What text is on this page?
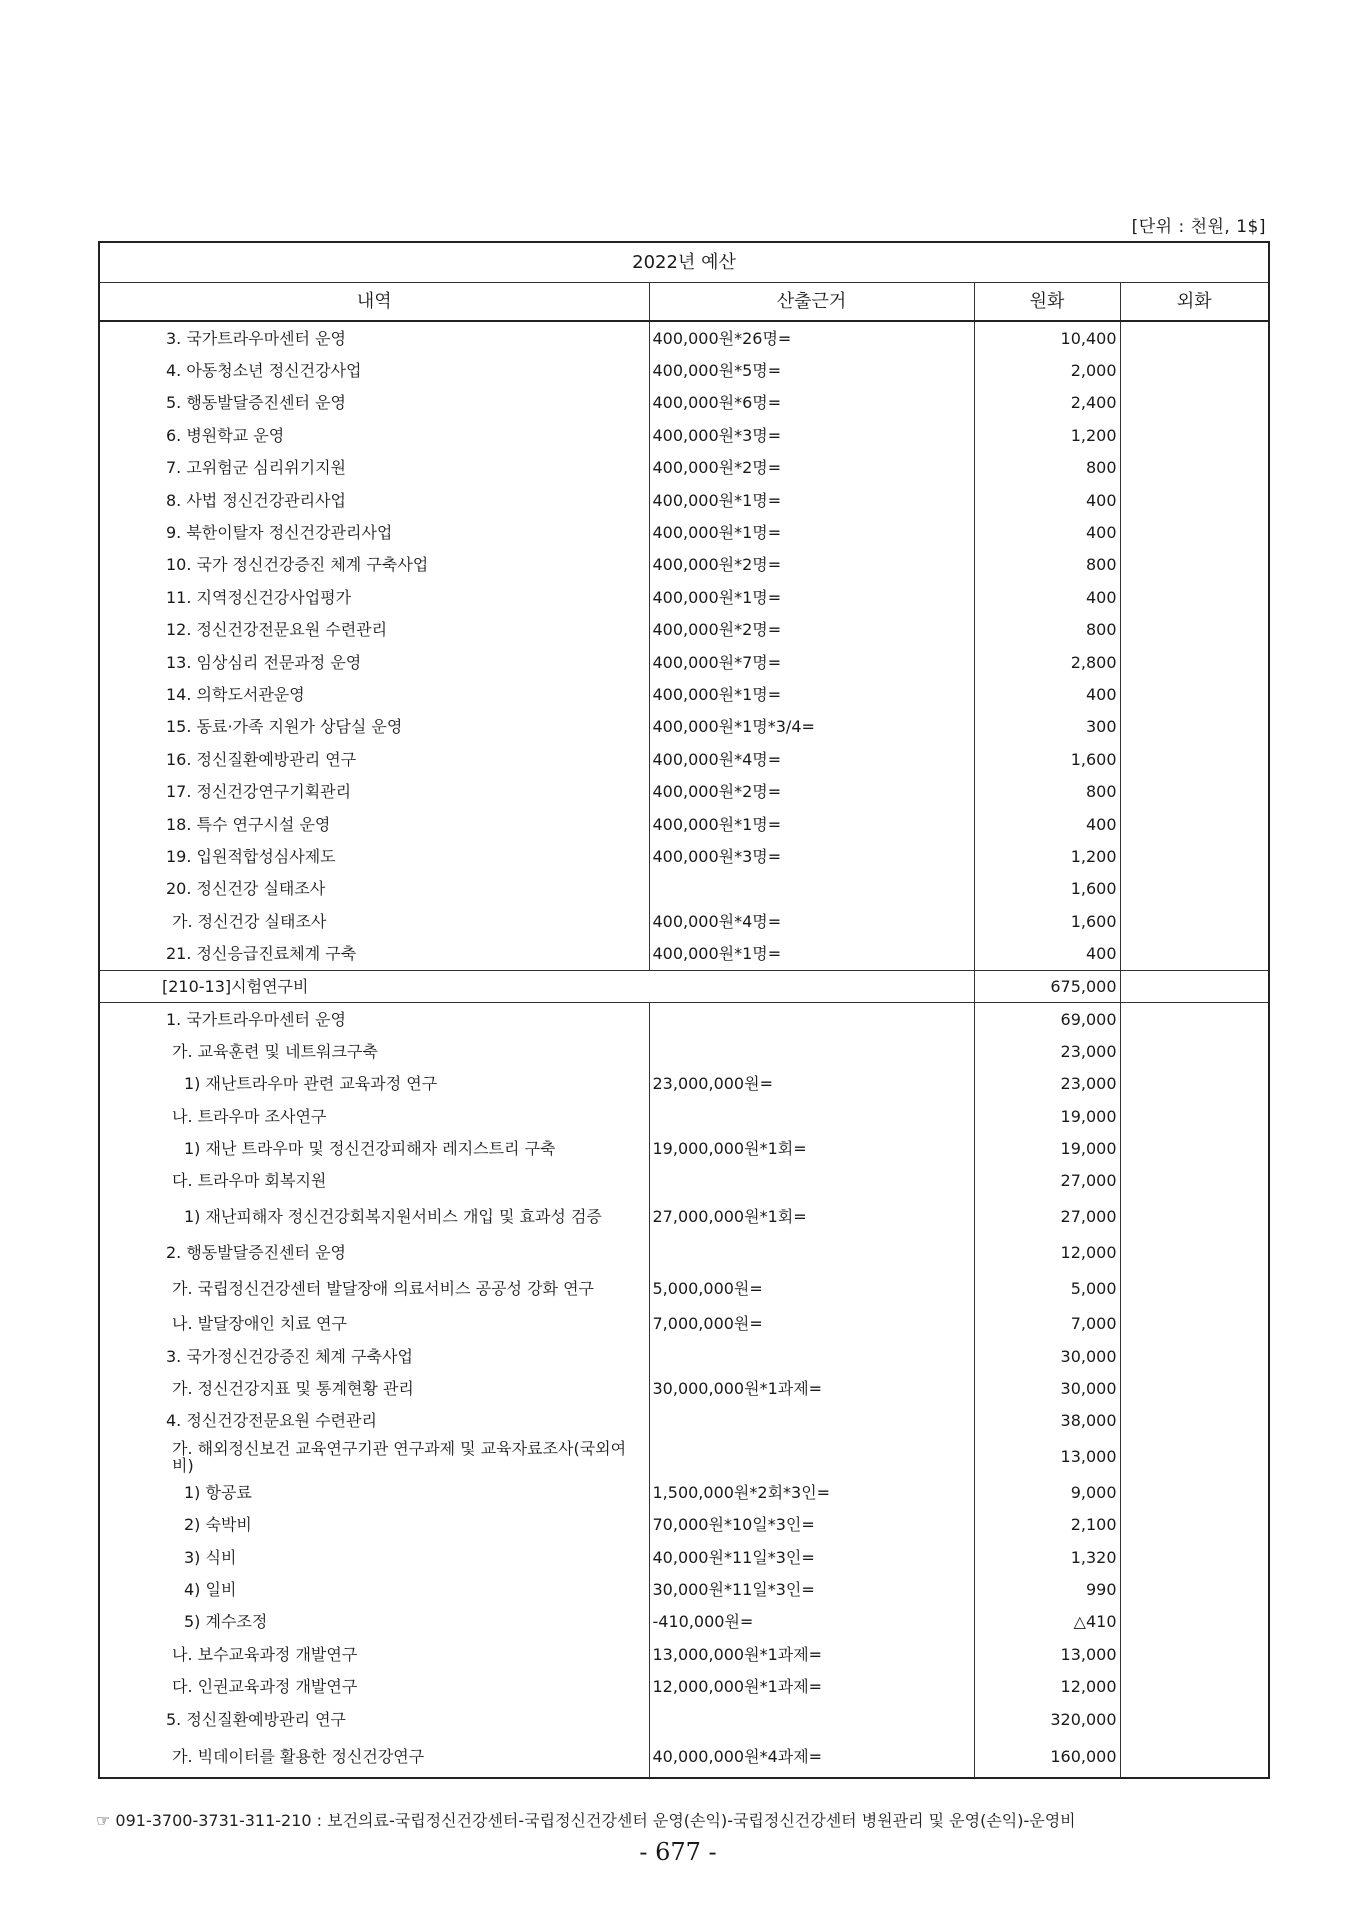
[단위 : 천원, 1$]
2022년 예산			
내역	산출근거	원화	외화
3. 국가트라우마센터 운영	400,000원*26명=	10,400	
4. 아동청소년 정신건강사업	400,000원*5명=	2,000	
5. 행동발달증진센터 운영	400,000원*6명=	2,400	
6. 병원학교 운영	400,000원*3명=	1,200	
7. 고위험군 심리위기지원	400,000원*2명=	800	
8. 사법 정신건강관리사업	400,000원*1명=	400	
9. 북한이탈자 정신건강관리사업	400,000원*1명=	400	
10. 국가 정신건강증진 체계 구축사업	400,000원*2명=	800	
11. 지역정신건강사업평가	400,000원*1명=	400	
12. 정신건강전문요원 수련관리	400,000원*2명=	800	
13. 임상심리 전문과정 운영	400,000원*7명=	2,800	
14. 의학도서관운영	400,000원*1명=	400	
15. 동료·가족 지원가 상담실 운영	400,000원*1명*3/4=	300	
16. 정신질환예방관리 연구	400,000원*4명=	1,600	
17. 정신건강연구기획관리	400,000원*2명=	800	
18. 특수 연구시설 운영	400,000원*1명=	400	
19. 입원적합성심사제도	400,000원*3명=	1,200	
20. 정신건강 실태조사		1,600	
가. 정신건강 실태조사	400,000원*4명=	1,600	
21. 정신응급진료체계 구축	400,000원*1명=	400	
[210-13]시험연구비		675,000	
1. 국가트라우마센터 운영		69,000	
가. 교육훈련 및 네트워크구축		23,000	
1) 재난트라우마 관련 교육과정 연구	23,000,000원=	23,000	
나. 트라우마 조사연구		19,000	
1) 재난 트라우마 및 정신건강피해자 레지스트리 구축	19,000,000원*1회=	19,000	
다. 트라우마 회복지원		27,000	
1) 재난피해자 정신건강회복지원서비스 개입 및 효과성 검증	27,000,000원*1회=	27,000	
2. 행동발달증진센터 운영		12,000	
가. 국립정신건강센터 발달장애 의료서비스 공공성 강화 연구	5,000,000원=	5,000	
나. 발달장애인 치료 연구	7,000,000원=	7,000	
3. 국가정신건강증진 체계 구축사업		30,000	
가. 정신건강지표 및 통계현황 관리	30,000,000원*1과제=	30,000	
4. 정신건강전문요원 수련관리		38,000	
가. 해외정신보건 교육연구기관 연구과제 및 교육자료조사(국외여비)		13,000	
1) 항공료	1,500,000원*2회*3인=	9,000	
2) 숙박비	70,000원*10일*3인=	2,100	
3) 식비	40,000원*11일*3인=	1,320	
4) 일비	30,000원*11일*3인=	990	
5) 계수조정	-410,000원=	△410	
나. 보수교육과정 개발연구	13,000,000원*1과제=	13,000	
다. 인권교육과정 개발연구	12,000,000원*1과제=	12,000	
5. 정신질환예방관리 연구		320,000	
가. 빅데이터를 활용한 정신건강연구	40,000,000원*4과제=	160,000	
☞ 091-3700-3731-311-210 : 보건의료-국립정신건강센터-국립정신건강센터 운영(손익)-국립정신건강센터 병원관리 및 운영(손익)-운영비
- 677 -
